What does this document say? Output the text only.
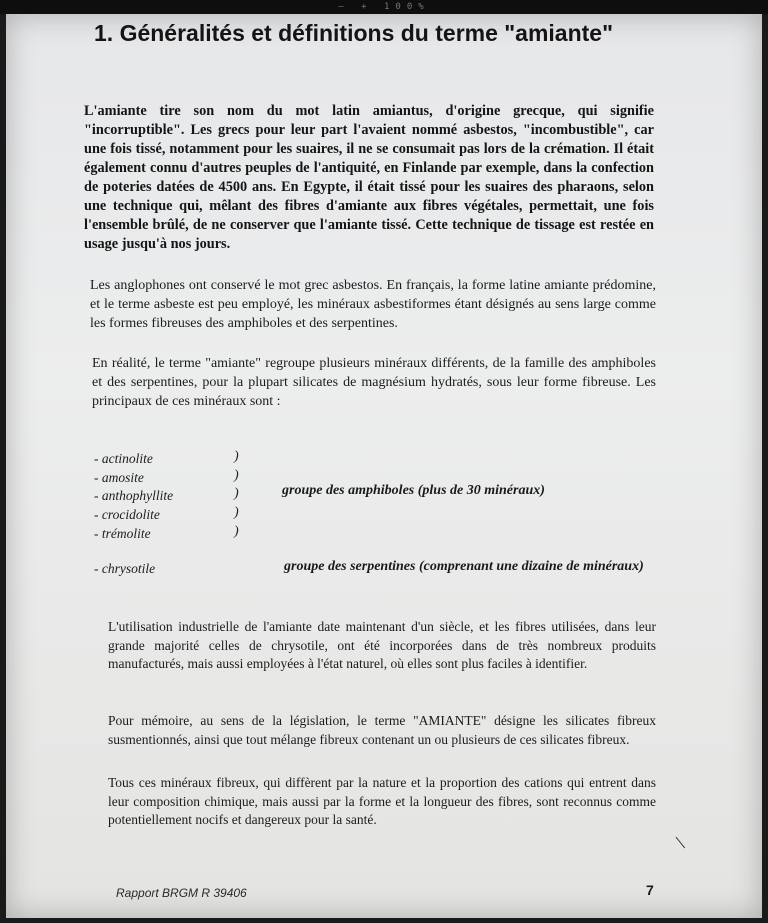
— + 100%
1. Généralités et définitions du terme "amiante"

L'amiante tire son nom du mot latin amiantus, d'origine grecque, qui signifie "incorruptible". Les grecs pour leur part l'avaient nommé asbestos, "incombustible", car une fois tissé, notamment pour les suaires, il ne se consumait pas lors de la crémation. Il était également connu d'autres peuples de l'antiquité, en Finlande par exemple, dans la confection de poteries datées de 4500 ans. En Egypte, il était tissé pour les suaires des pharaons, selon une technique qui, mêlant des fibres d'amiante aux fibres végétales, permettait, une fois l'ensemble brûlé, de ne conserver que l'amiante tissé. Cette technique de tissage est restée en usage jusqu'à nos jours.

Les anglophones ont conservé le mot grec asbestos. En français, la forme latine amiante prédomine, et le terme asbeste est peu employé, les minéraux asbestiformes étant désignés au sens large comme les formes fibreuses des amphiboles et des serpentines.

En réalité, le terme "amiante" regroupe plusieurs minéraux différents, de la famille des amphiboles et des serpentines, pour la plupart silicates de magnésium hydratés, sous leur forme fibreuse. Les principaux de ces minéraux sont :

- actinolite	)
- amosite	)
- anthophyllite	)
- crocidolite	)
- trémolite	)
groupe des amphiboles (plus de 30 minéraux)
- chrysotile	groupe des serpentines (comprenant une dizaine de minéraux)

L'utilisation industrielle de l'amiante date maintenant d'un siècle, et les fibres utilisées, dans leur grande majorité celles de chrysotile, ont été incorporées dans de très nombreux produits manufacturés, mais aussi employées à l'état naturel, où elles sont plus faciles à identifier.

Pour mémoire, au sens de la législation, le terme "AMIANTE" désigne les silicates fibreux susmentionnés, ainsi que tout mélange fibreux contenant un ou plusieurs de ces silicates fibreux.

Tous ces minéraux fibreux, qui diffèrent par la nature et la proportion des cations qui entrent dans leur composition chimique, mais aussi par la forme et la longueur des fibres, sont reconnus comme potentiellement nocifs et dangereux pour la santé.

\

Rapport BRGM R 39406	7
